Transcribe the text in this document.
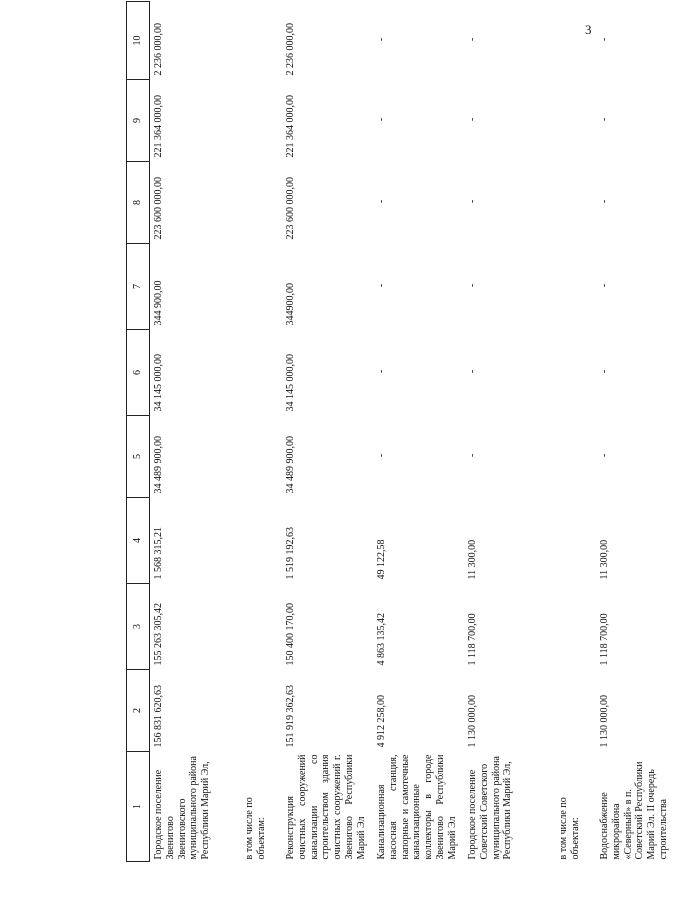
3
1	2	3	4	5	6	7	8	9	10
Городское поселение Звенигово Звениговского муниципального района Республики Марий Эл,	156 831 620,63	155 263 305,42	1 568 315,21	34 489 900,00	34 145 000,00	344 900,00	223 600 000,00	221 364 000,00	2 236 000,00
в том числе по объектам:									
Реконструкция очистных сооружений канализации со строительством здания очистных сооружений г. Звенигово Республики Марий Эл	151 919 362,63	150 400 170,00	1 519 192,63	34 489 900,00	34 145 000,00	344900,00	223 600 000,00	221 364 000,00	2 236 000,00
Канализационная насосная станция, напорные и самотечные канализационные коллекторы в городе Звенигово Республики Марий Эл	4 912 258,00	4 863 135,42	49 122,58	-	-	-	-	-	-
Городское поселение Советский Советского муниципального района Республики Марий Эл,	1 130 000,00	1 118 700,00	11 300,00	-	-	-	-	-	-
в том числе по объектам:									
Водоснабжение микрорайона «Северный» в п. Советский Республики Марий Эл. II очередь строительства	1 130 000,00	1 118 700,00	11 300,00	-	-	-	-	-	-
